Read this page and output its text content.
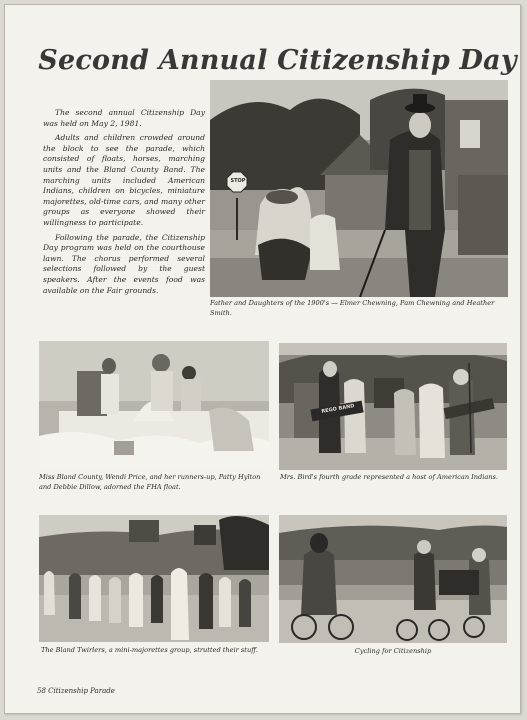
Second Annual Citizenship Day

The second annual Citizenship Day was held on May 2, 1981.

Adults and children crowded around the block to see the parade, which consisted of floats, horses, marching units and the Bland County Band. The marching units included American Indians, children on bicycles, miniature majorettes, old-time cars, and many other groups as everyone showed their willingness to participate.

Following the parade, the Citizenship Day program was held on the courthouse lawn. The chorus performed several selections followed by the guest speakers. After the events food was available on the Fair grounds.

STOP
Father and Daughters of the 1900's — Elmer Chewning, Pam Chewning and Heather Smith.
Miss Bland County, Wendi Price, and her runners-up, Patty Hylton and Debbie Dillow, adorned the FHA float.
REGO BAND
Mrs. Bird's fourth grade represented a host of American Indians.
The Bland Twirlers, a mini-majorettes group, strutted their stuff.	Cycling for Citizenship
58 Citizenship Parade
